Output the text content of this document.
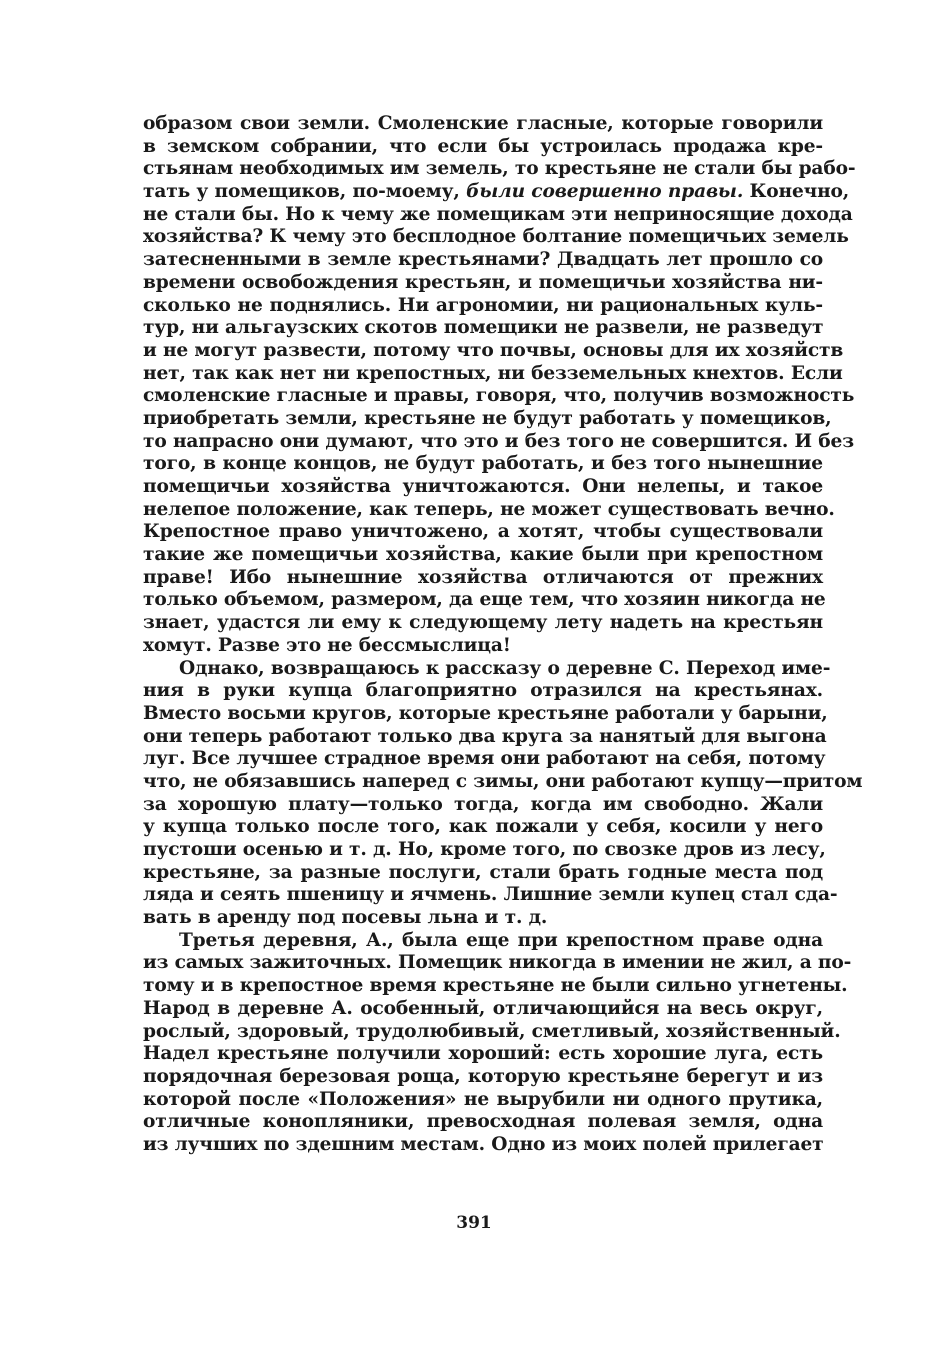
образом свои земли. Смоленские гласные, которые говорили
в земском собрании, что если бы устроилась продажа кре-
стьянам необходимых им земель, то крестьяне не стали бы рабо-
тать у помещиков, по-моему, были совершенно правы. Конечно,
не стали бы. Но к чему же помещикам эти неприносящие дохода
хозяйства? К чему это бесплодное болтание помещичьих земель
затесненными в земле крестьянами? Двадцать лет прошло со
времени освобождения крестьян, и помещичьи хозяйства ни-
сколько не поднялись. Ни агрономии, ни рациональных куль-
тур, ни альгаузских скотов помещики не развели, не разведут
и не могут развести, потому что почвы, основы для их хозяйств
нет, так как нет ни крепостных, ни безземельных кнехтов. Если
смоленские гласные и правы, говоря, что, получив возможность
приобретать земли, крестьяне не будут работать у помещиков,
то напрасно они думают, что это и без того не совершится. И без
того, в конце концов, не будут работать, и без того нынешние
помещичьи хозяйства уничтожаются. Они нелепы, и такое
нелепое положение, как теперь, не может существовать вечно.
Крепостное право уничтожено, а хотят, чтобы существовали
такие же помещичьи хозяйства, какие были при крепостном
праве! Ибо нынешние хозяйства отличаются от прежних
только объемом, размером, да еще тем, что хозяин никогда не
знает, удастся ли ему к следующему лету надеть на крестьян
хомут. Разве это не бессмыслица!
Однако, возвращаюсь к рассказу о деревне С. Переход име-
ния в руки купца благоприятно отразился на крестьянах.
Вместо восьми кругов, которые крестьяне работали у барыни,
они теперь работают только два круга за нанятый для выгона
луг. Все лучшее страдное время они работают на себя, потому
что, не обязавшись наперед с зимы, они работают купцу—притом
за хорошую плату—только тогда, когда им свободно. Жали
у купца только после того, как пожали у себя, косили у него
пустоши осенью и т. д. Но, кроме того, по свозке дров из лесу,
крестьяне, за разные послуги, стали брать годные места под
ляда и сеять пшеницу и ячмень. Лишние земли купец стал сда-
вать в аренду под посевы льна и т. д.
Третья деревня, А., была еще при крепостном праве одна
из самых зажиточных. Помещик никогда в имении не жил, а по-
тому и в крепостное время крестьяне не были сильно угнетены.
Народ в деревне А. особенный, отличающийся на весь округ,
рослый, здоровый, трудолюбивый, сметливый, хозяйственный.
Надел крестьяне получили хороший: есть хорошие луга, есть
порядочная березовая роща, которую крестьяне берегут и из
которой после «Положения» не вырубили ни одного прутика,
отличные конопляники, превосходная полевая земля, одна
из лучших по здешним местам. Одно из моих полей прилегает
391
